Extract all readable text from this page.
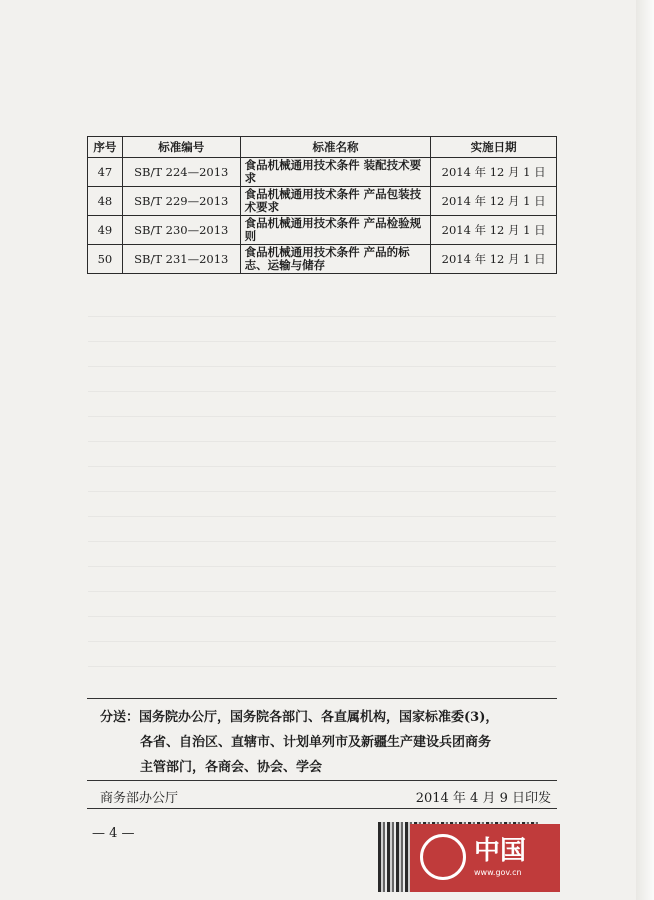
序号	标准编号	标准名称	实施日期
47	SB/T 224—2013	食品机械通用技术条件 装配技术要求	2014 年 12 月 1 日
48	SB/T 229—2013	食品机械通用技术条件 产品包装技术要求	2014 年 12 月 1 日
49	SB/T 230—2013	食品机械通用技术条件 产品检验规则	2014 年 12 月 1 日
50	SB/T 231—2013	食品机械通用技术条件 产品的标志、运输与储存	2014 年 12 月 1 日
分送：国务院办公厅，国务院各部门、各直属机构，国家标准委(3)，
各省、自治区、直辖市、计划单列市及新疆生产建设兵团商务
主管部门，各商会、协会、学会
商务部办公厅	2014 年 4 月 9 日印发
— 4 —
中国
www.gov.cn
